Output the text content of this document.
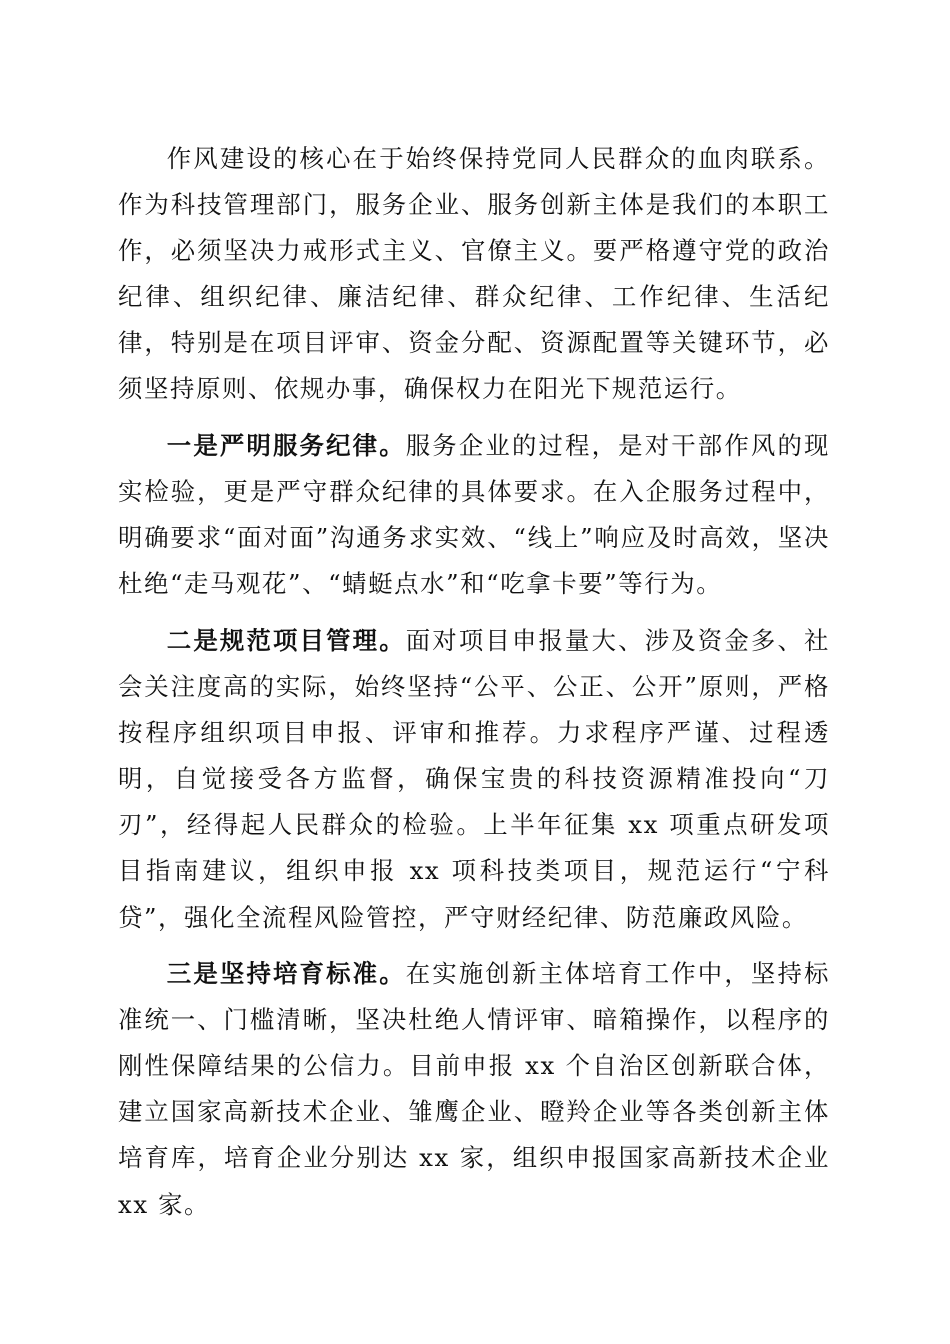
作风建设的核心在于始终保持党同人民群众的血肉联系。作为科技管理部门，服务企业、服务创新主体是我们的本职工作，必须坚决力戒形式主义、官僚主义。要严格遵守党的政治纪律、组织纪律、廉洁纪律、群众纪律、工作纪律、生活纪律，特别是在项目评审、资金分配、资源配置等关键环节，必须坚持原则、依规办事，确保权力在阳光下规范运行。

一是严明服务纪律。服务企业的过程，是对干部作风的现实检验，更是严守群众纪律的具体要求。在入企服务过程中，明确要求“面对面”沟通务求实效、“线上”响应及时高效，坚决杜绝“走马观花”、“蜻蜓点水”和“吃拿卡要”等行为。

二是规范项目管理。面对项目申报量大、涉及资金多、社会关注度高的实际，始终坚持“公平、公正、公开”原则，严格按程序组织项目申报、评审和推荐。力求程序严谨、过程透明，自觉接受各方监督，确保宝贵的科技资源精准投向“刀刃”，经得起人民群众的检验。上半年征集 xx 项重点研发项目指南建议，组织申报 xx 项科技类项目，规范运行“宁科贷”，强化全流程风险管控，严守财经纪律、防范廉政风险。

三是坚持培育标准。在实施创新主体培育工作中，坚持标准统一、门槛清晰，坚决杜绝人情评审、暗箱操作，以程序的刚性保障结果的公信力。目前申报 xx 个自治区创新联合体，建立国家高新技术企业、雏鹰企业、瞪羚企业等各类创新主体培育库，培育企业分别达 xx 家，组织申报国家高新技术企业 xx 家。
